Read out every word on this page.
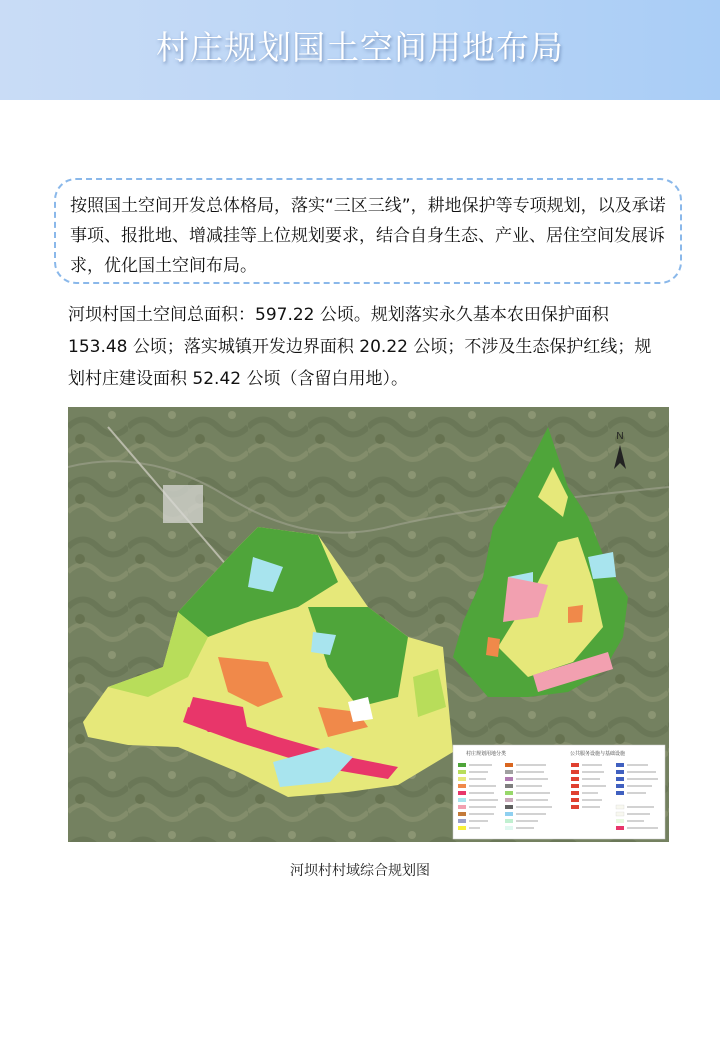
村庄规划国土空间用地布局

按照国土空间开发总体格局，落实“三区三线”，耕地保护等专项规划，以及承诺事项、报批地、增减挂等上位规划要求，结合自身生态、产业、居住空间发展诉求，优化国土空间布局。

河坝村国土空间总面积：597.22 公顷。规划落实永久基本农田保护面积 153.48 公顷；落实城镇开发边界面积 20.22 公顷；不涉及生态保护红线；规划村庄建设面积 52.42 公顷（含留白用地）。

N
村庄规划用地分类	公共服务设施与基础设施
河坝村村域综合规划图
